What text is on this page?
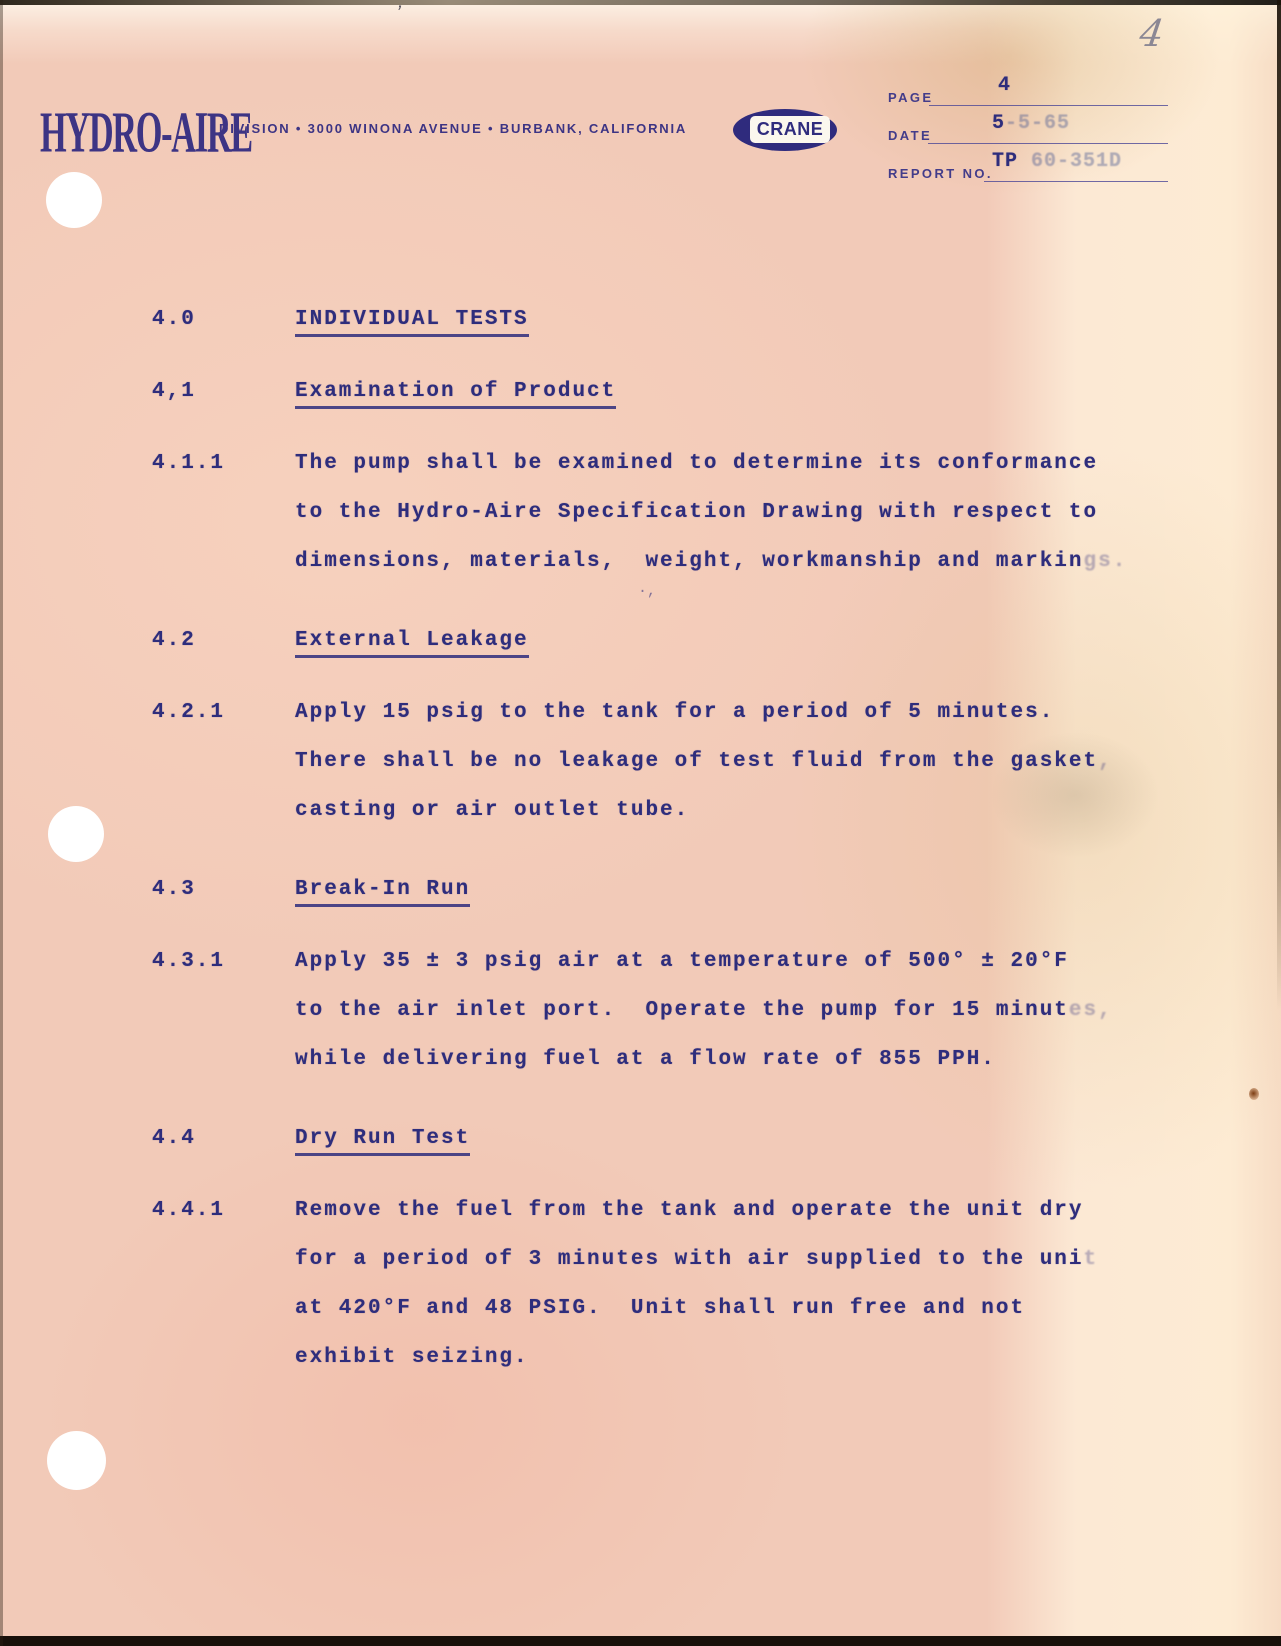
4
’
·,
HYDRO-AIRE
DIVISION • 3000 WINONA AVENUE • BURBANK, CALIFORNIA	CRANE
PAGE
4
DATE
5-5-65
REPORT NO.
TP 60-351D
4.0	INDIVIDUAL TESTS
4,1	Examination of Product
4.1.1	The pump shall be examined to determine its conformance
to the Hydro-Aire Specification Drawing with respect to
dimensions, materials,  weight, workmanship and markings.
4.2	External Leakage
4.2.1	Apply 15 psig to the tank for a period of 5 minutes.
There shall be no leakage of test fluid from the gasket,
casting or air outlet tube.
4.3	Break-In Run
4.3.1	Apply 35 ± 3 psig air at a temperature of 500° ± 20°F
to the air inlet port.  Operate the pump for 15 minutes,
while delivering fuel at a flow rate of 855 PPH.
4.4	Dry Run Test
4.4.1	Remove the fuel from the tank and operate the unit dry
for a period of 3 minutes with air supplied to the unit
at 420°F and 48 PSIG.  Unit shall run free and not
exhibit seizing.
